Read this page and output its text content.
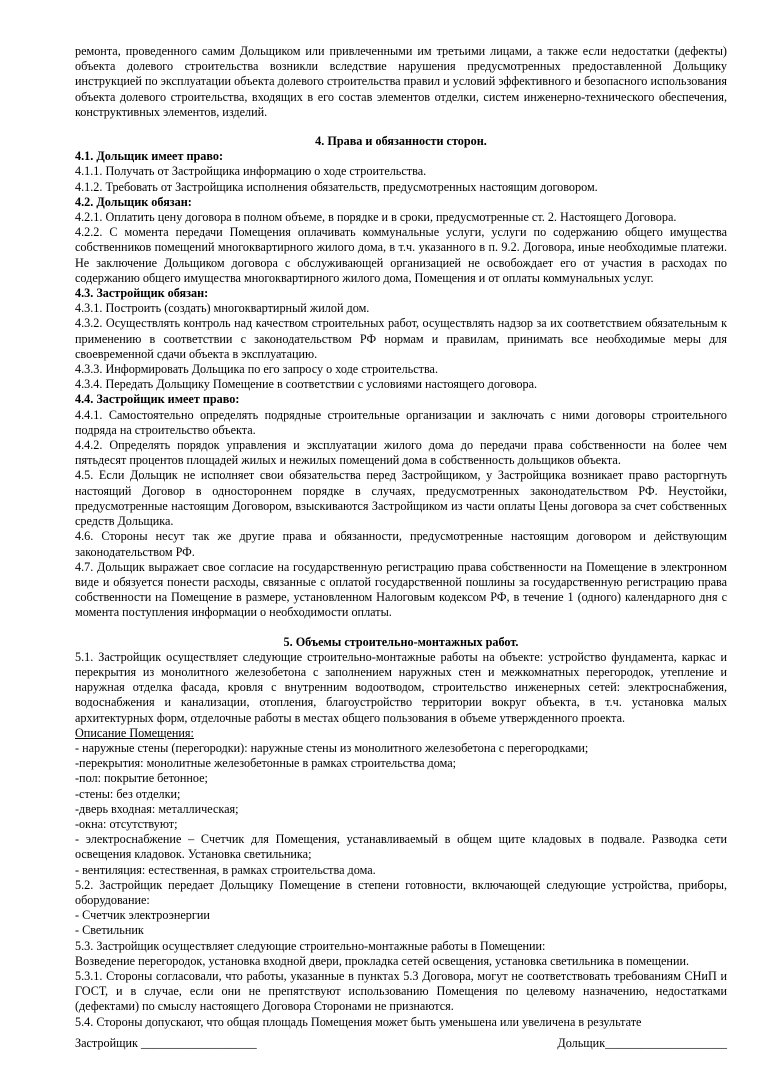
ремонта, проведенного самим Дольщиком или привлеченными им третьими лицами, а также если недостатки (дефекты) объекта долевого строительства возникли вследствие нарушения предусмотренных предоставленной Дольщику инструкцией по эксплуатации объекта долевого строительства правил и условий эффективного и безопасного использования объекта долевого строительства, входящих в его состав элементов отделки, систем инженерно-технического обеспечения, конструктивных элементов, изделий.

4. Права и обязанности сторон.

4.1. Дольщик имеет право:

4.1.1. Получать от Застройщика информацию о ходе строительства.

4.1.2. Требовать от Застройщика исполнения обязательств, предусмотренных настоящим договором.

4.2. Дольщик обязан:

4.2.1. Оплатить цену договора в полном объеме, в порядке и в сроки, предусмотренные ст. 2. Настоящего Договора.

4.2.2. С момента передачи Помещения оплачивать коммунальные услуги, услуги по содержанию общего имущества собственников помещений многоквартирного жилого дома, в т.ч. указанного в п. 9.2. Договора, иные необходимые платежи. Не заключение Дольщиком договора с обслуживающей организацией не освобождает его от участия в расходах по содержанию общего имущества многоквартирного жилого дома, Помещения и от оплаты коммунальных услуг.

4.3. Застройщик обязан:

4.3.1. Построить (создать) многоквартирный жилой дом.

4.3.2. Осуществлять контроль над качеством строительных работ, осуществлять надзор за их соответствием обязательным к применению в соответствии с законодательством РФ нормам и правилам, принимать все необходимые меры для своевременной сдачи объекта в эксплуатацию.

4.3.3. Информировать Дольщика по его запросу о ходе строительства.

4.3.4. Передать Дольщику Помещение в соответствии с условиями настоящего договора.

4.4. Застройщик имеет право:

4.4.1. Самостоятельно определять подрядные строительные организации и заключать с ними договоры строительного подряда на строительство объекта.

4.4.2. Определять порядок управления и эксплуатации жилого дома до передачи права собственности на более чем пятьдесят процентов площадей жилых и нежилых помещений дома в собственность дольщиков объекта.

4.5. Если Дольщик не исполняет свои обязательства перед Застройщиком, у Застройщика возникает право расторгнуть настоящий Договор в одностороннем порядке в случаях, предусмотренных законодательством РФ. Неустойки, предусмотренные настоящим Договором, взыскиваются Застройщиком из части оплаты Цены договора за счет собственных средств Дольщика.

4.6. Стороны несут так же другие права и обязанности, предусмотренные настоящим договором и действующим законодательством РФ.

4.7. Дольщик выражает свое согласие на государственную регистрацию права собственности на Помещение в электронном виде и обязуется понести расходы, связанные с оплатой государственной пошлины за государственную регистрацию права собственности на Помещение в размере, установленном Налоговым кодексом РФ, в течение 1 (одного) календарного дня с момента поступления информации о необходимости оплаты.

5. Объемы строительно-монтажных работ.

5.1. Застройщик осуществляет следующие строительно-монтажные работы на объекте: устройство фундамента, каркас и перекрытия из монолитного железобетона с заполнением наружных стен и межкомнатных перегородок, утепление и наружная отделка фасада, кровля с внутренним водоотводом, строительство инженерных сетей: электроснабжения, водоснабжения и канализации, отопления, благоустройство территории вокруг объекта, в т.ч. установка малых архитектурных форм, отделочные работы в местах общего пользования в объеме утвержденного проекта.

Описание Помещения:

- наружные стены (перегородки): наружные стены из монолитного железобетона с перегородками;

-перекрытия: монолитные железобетонные в рамках строительства дома;

-пол: покрытие бетонное;

-стены: без отделки;

-дверь входная: металлическая;

-окна: отсутствуют;

- электроснабжение – Счетчик для Помещения, устанавливаемый в общем щите кладовых в подвале. Разводка сети освещения кладовок. Установка светильника;

- вентиляция: естественная, в рамках строительства дома.

5.2. Застройщик передает Дольщику Помещение в степени готовности, включающей следующие устройства, приборы, оборудование:

- Счетчик электроэнергии

- Светильник

5.3. Застройщик осуществляет следующие строительно-монтажные работы в Помещении:

Возведение перегородок, установка входной двери, прокладка сетей освещения, установка светильника в помещении.

5.3.1. Стороны согласовали, что работы, указанные в пунктах 5.3 Договора, могут не соответствовать требованиям СНиП и ГОСТ, и в случае, если они не препятствуют использованию Помещения по целевому назначению, недостатками (дефектами) по смыслу настоящего Договора Сторонами не признаются.

5.4. Стороны допускают, что общая площадь Помещения может быть уменьшена или увеличена в результате

Застройщик ___________________	Дольщик____________________
